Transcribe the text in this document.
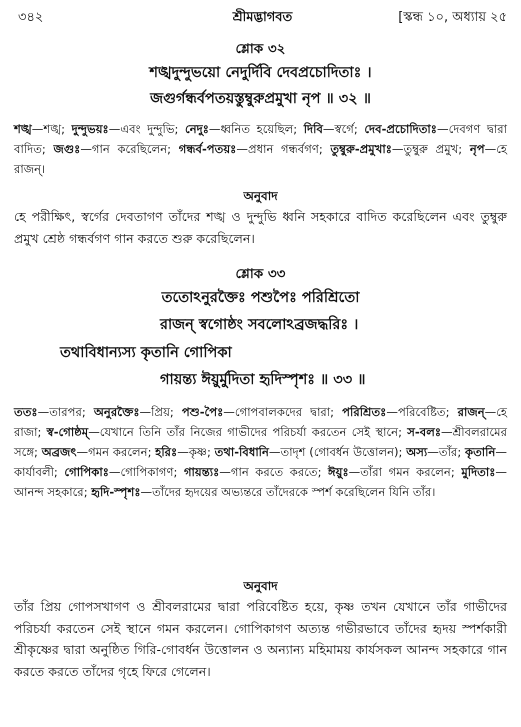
৩৪২	শ্রীমদ্ভাগবত	[স্কন্ধ ১০, অধ্যায় ২৫
শ্লোক ৩২
শঙ্খদুন্দুভয়ো নেদুর্দিবি দেবপ্রচোদিতাঃ ।
জগুর্গন্ধর্বপতয়স্তুম্বুরুপ্রমুখা নৃপ ॥ ৩২ ॥
শঙ্খ—শঙ্খ; দুন্দুভয়ঃ—এবং দুন্দুভি; নেদুঃ—ধ্বনিত হয়েছিল; দিবি—স্বর্গে; দেব-প্রচোদিতাঃ—দেবগণ দ্বারা বাদিত; জগুঃ—গান করেছিলেন; গন্ধর্ব-পতয়ঃ—প্রধান গন্ধর্বগণ; তুম্বুরু-প্রমুখাঃ—তুম্বুরু প্রমুখ; নৃপ—হে রাজন্।
অনুবাদ
হে পরীক্ষিৎ, স্বর্গের দেবতাগণ তাঁদের শঙ্খ ও দুন্দুভি ধ্বনি সহকারে বাদিত করেছিলেন এবং তুম্বুরু প্রমুখ শ্রেষ্ঠ গন্ধর্বগণ গান করতে শুরু করেছিলেন।
শ্লোক ৩৩
ততোঽনুরক্তৈঃ পশুপৈঃ পরিশ্রিতো
রাজন্ স্বগোষ্ঠং সবলোঽব্রজদ্ধরিঃ ।
তথাবিধান্যস্য কৃতানি গোপিকা
গায়ন্ত্য ঈয়ুর্মুদিতা হৃদিস্পৃশঃ ॥ ৩৩ ॥
ততঃ—তারপর; অনুরক্তৈঃ—প্রিয়; পশু-পৈঃ—গোপবালকদের দ্বারা; পরিশ্রিতঃ—পরিবেষ্টিত; রাজন্—হে রাজা; স্ব-গোষ্ঠম্—যেখানে তিনি তাঁর নিজের গাভীদের পরিচর্যা করতেন সেই স্থানে; স-বলঃ—শ্রীবলরামের সঙ্গে; অব্রজৎ—গমন করলেন; হরিঃ—কৃষ্ণ; তথা-বিধানি—তাদৃশ (গোবর্ধন উত্তোলন); অস্য—তাঁর; কৃতানি—কার্যাবলী; গোপিকাঃ—গোপিকাগণ; গায়ন্ত্যঃ—গান করতে করতে; ঈয়ুঃ—তাঁরা গমন করলেন; মুদিতাঃ—আনন্দ সহকারে; হৃদি-স্পৃশঃ—তাঁদের হৃদয়ের অভ্যন্তরে তাঁদেরকে স্পর্শ করেছিলেন যিনি তাঁর।
অনুবাদ
তাঁর প্রিয় গোপসখাগণ ও শ্রীবলরামের দ্বারা পরিবেষ্টিত হয়ে, কৃষ্ণ তখন যেখানে তাঁর গাভীদের পরিচর্যা করতেন সেই স্থানে গমন করলেন। গোপিকাগণ অত্যন্ত গভীরভাবে তাঁদের হৃদয় স্পর্শকারী শ্রীকৃষ্ণের দ্বারা অনুষ্ঠিত গিরি-গোবর্ধন উত্তোলন ও অন্যান্য মহিমাময় কার্যসকল আনন্দ সহকারে গান করতে করতে তাঁদের গৃহে ফিরে গেলেন।
